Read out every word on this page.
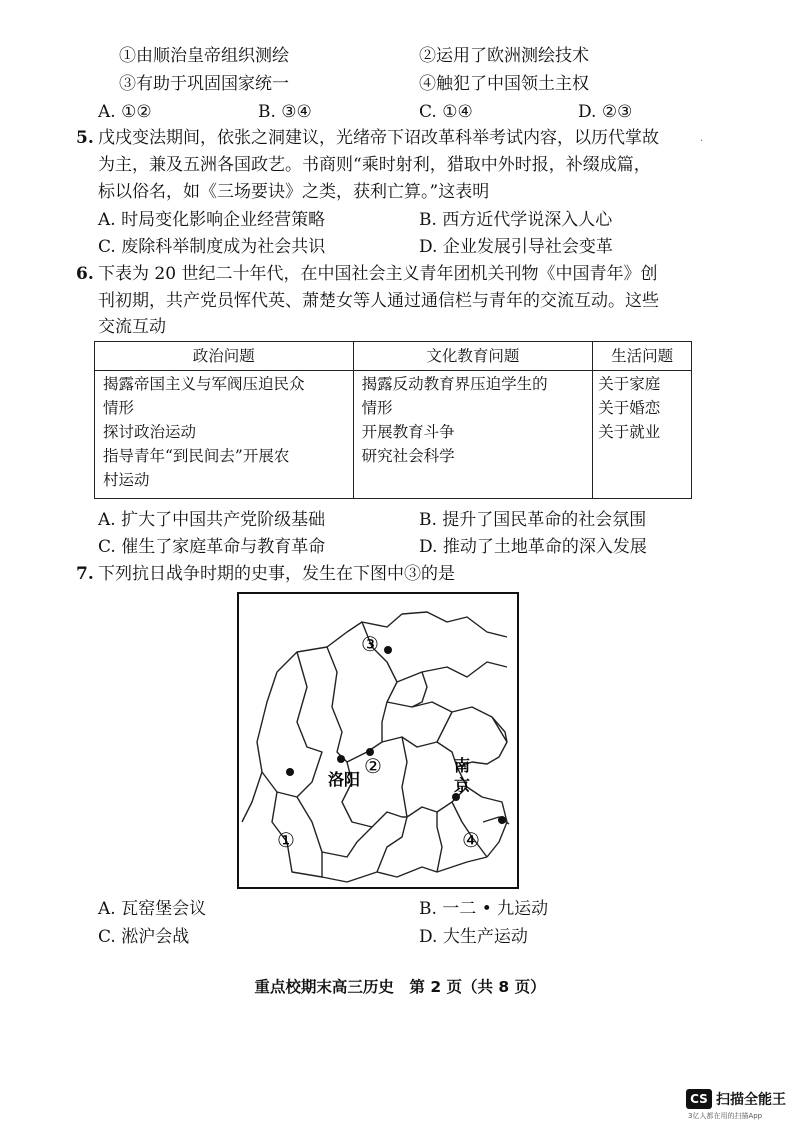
①由顺治皇帝组织测绘	②运用了欧洲测绘技术
③有助于巩固国家统一	④触犯了中国领土主权
A. ①②	B. ③④	C. ①④	D. ②③
·
5. 戊戌变法期间，依张之洞建议，光绪帝下诏改革科举考试内容，以历代掌故
为主，兼及五洲各国政艺。书商则“乘时射利，猎取中外时报，补缀成篇，
标以俗名，如《三场要诀》之类，获利亡算。”这表明
A. 时局变化影响企业经营策略	B. 西方近代学说深入人心
C. 废除科举制度成为社会共识	D. 企业发展引导社会变革
6. 下表为 20 世纪二十年代，在中国社会主义青年团机关刊物《中国青年》创
刊初期，共产党员恽代英、萧楚女等人通过通信栏与青年的交流互动。这些
交流互动
政治问题	文化教育问题	生活问题

揭露帝国主义与军阀压迫民众
情形
探讨政治运动
指导青年“到民间去”开展农
村运动	揭露反动教育界压迫学生的
情形
开展教育斗争
研究社会科学	关于家庭
关于婚恋
关于就业
A. 扩大了中国共产党阶级基础	B. 提升了国民革命的社会氛围
C. 催生了家庭革命与教育革命	D. 推动了土地革命的深入发展
7. 下列抗日战争时期的史事，发生在下图中③的是
①
②
③
④
洛阳
南
京
A. 瓦窑堡会议	B. 一二 • 九运动
C. 淞沪会战	D. 大生产运动
重点校期末高三历史　第 2 页（共 8 页）
CS 扫描全能王
3亿人都在用的扫描App
